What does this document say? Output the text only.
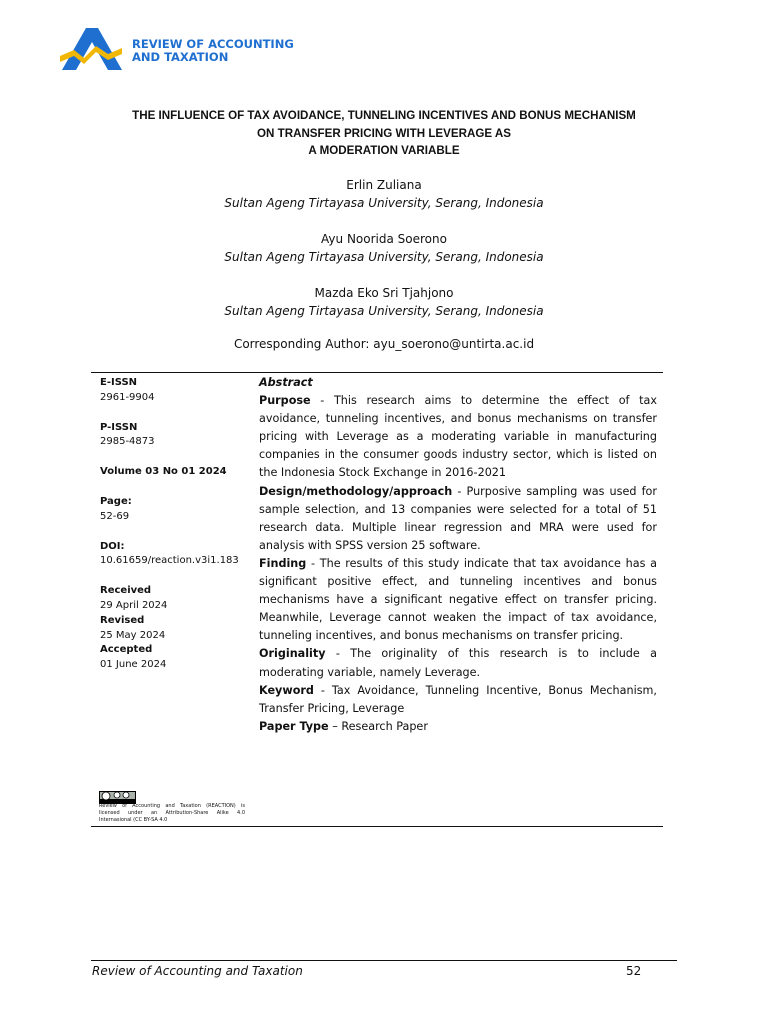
REVIEW OF ACCOUNTING
AND TAXATION
THE INFLUENCE OF TAX AVOIDANCE, TUNNELING INCENTIVES AND BONUS MECHANISM
ON TRANSFER PRICING WITH LEVERAGE AS
A MODERATION VARIABLE
Erlin Zuliana
Sultan Ageng Tirtayasa University, Serang, Indonesia
Ayu Noorida Soerono
Sultan Ageng Tirtayasa University, Serang, Indonesia
Mazda Eko Sri Tjahjono
Sultan Ageng Tirtayasa University, Serang, Indonesia
Corresponding Author: ayu_soerono@untirta.ac.id
E-ISSN
2961-9904
P-ISSN
2985-4873
Volume 03 No 01 2024
Page:
52-69
DOI:
10.61659/reaction.v3i1.183
Received
29 April 2024
Revised
25 May 2024
Accepted
01 June 2024

Abstract

Purpose - This research aims to determine the effect of tax avoidance, tunneling incentives, and bonus mechanisms on transfer pricing with Leverage as a moderating variable in manufacturing companies in the consumer goods industry sector, which is listed on the Indonesia Stock Exchange in 2016-2021

Design/methodology/approach - Purposive sampling was used for sample selection, and 13 companies were selected for a total of 51 research data. Multiple linear regression and MRA were used for analysis with SPSS version 25 software.

Finding - The results of this study indicate that tax avoidance has a significant positive effect, and tunneling incentives and bonus mechanisms have a significant negative effect on transfer pricing. Meanwhile, Leverage cannot weaken the impact of tax avoidance, tunneling incentives, and bonus mechanisms on transfer pricing.

Originality - The originality of this research is to include a moderating variable, namely Leverage.

Keyword - Tax Avoidance, Tunneling Incentive, Bonus Mechanism, Transfer Pricing, Leverage

Paper Type – Research Paper

Review of Accounting and Taxation (REACTION) is licensed under an Attribution-Share Alike 4.0 Internasional (CC BY-SA 4.0
Review of Accounting and Taxation	52
